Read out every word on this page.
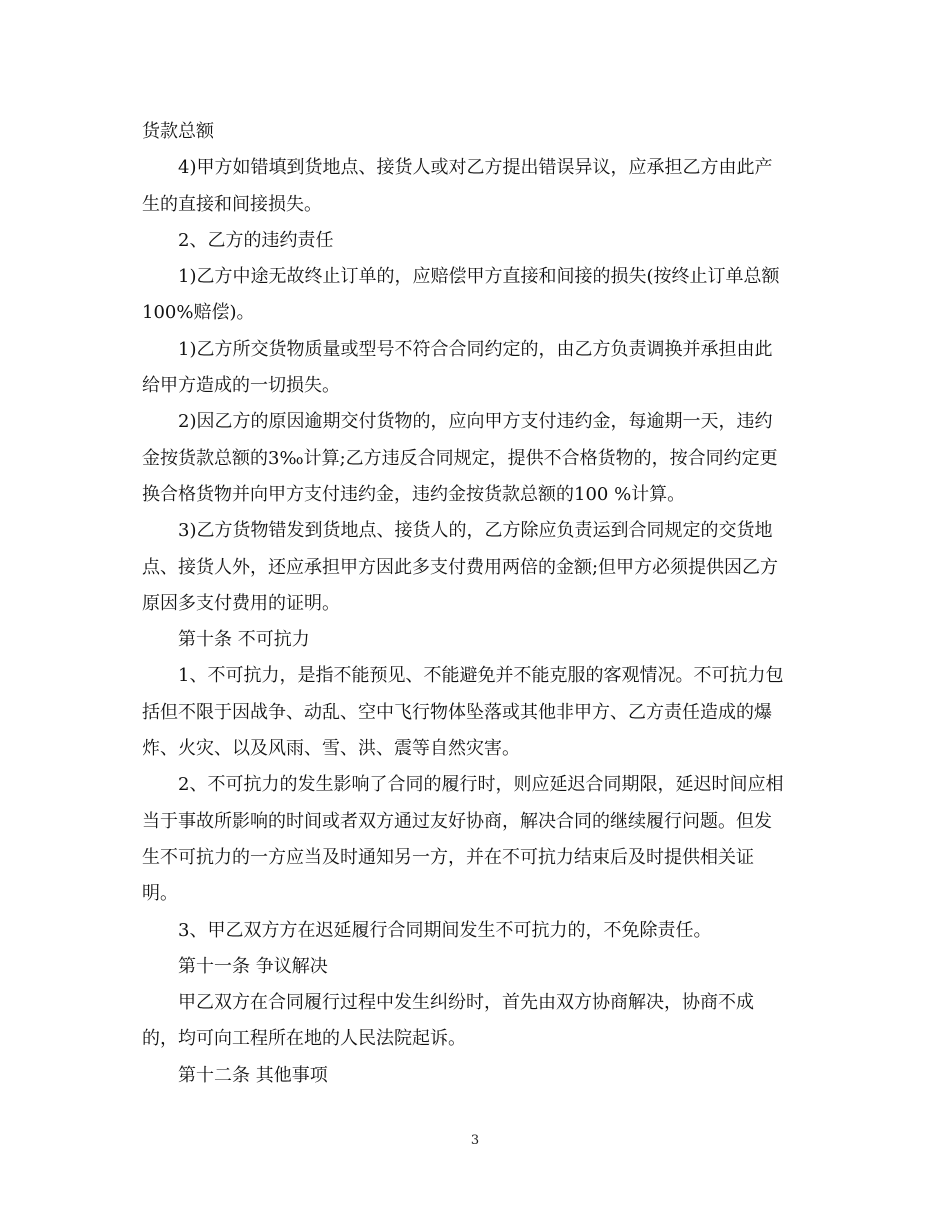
货款总额
4)甲方如错填到货地点、接货人或对乙方提出错误异议，应承担乙方由此产
生的直接和间接损失。
2、乙方的违约责任
1)乙方中途无故终止订单的，应赔偿甲方直接和间接的损失(按终止订单总额
100%赔偿)。
1)乙方所交货物质量或型号不符合合同约定的，由乙方负责调换并承担由此
给甲方造成的一切损失。
2)因乙方的原因逾期交付货物的，应向甲方支付违约金，每逾期一天，违约
金按货款总额的3‰计算;乙方违反合同规定，提供不合格货物的，按合同约定更
换合格货物并向甲方支付违约金，违约金按货款总额的100 %计算。
3)乙方货物错发到货地点、接货人的，乙方除应负责运到合同规定的交货地
点、接货人外，还应承担甲方因此多支付费用两倍的金额;但甲方必须提供因乙方
原因多支付费用的证明。
第十条 不可抗力
1、不可抗力，是指不能预见、不能避免并不能克服的客观情况。不可抗力包
括但不限于因战争、动乱、空中飞行物体坠落或其他非甲方、乙方责任造成的爆
炸、火灾、以及风雨、雪、洪、震等自然灾害。
2、不可抗力的发生影响了合同的履行时，则应延迟合同期限，延迟时间应相
当于事故所影响的时间或者双方通过友好协商，解决合同的继续履行问题。但发
生不可抗力的一方应当及时通知另一方，并在不可抗力结束后及时提供相关证
明。
3、甲乙双方方在迟延履行合同期间发生不可抗力的，不免除责任。
第十一条 争议解决
甲乙双方在合同履行过程中发生纠纷时，首先由双方协商解决，协商不成
的，均可向工程所在地的人民法院起诉。
第十二条 其他事项
3
